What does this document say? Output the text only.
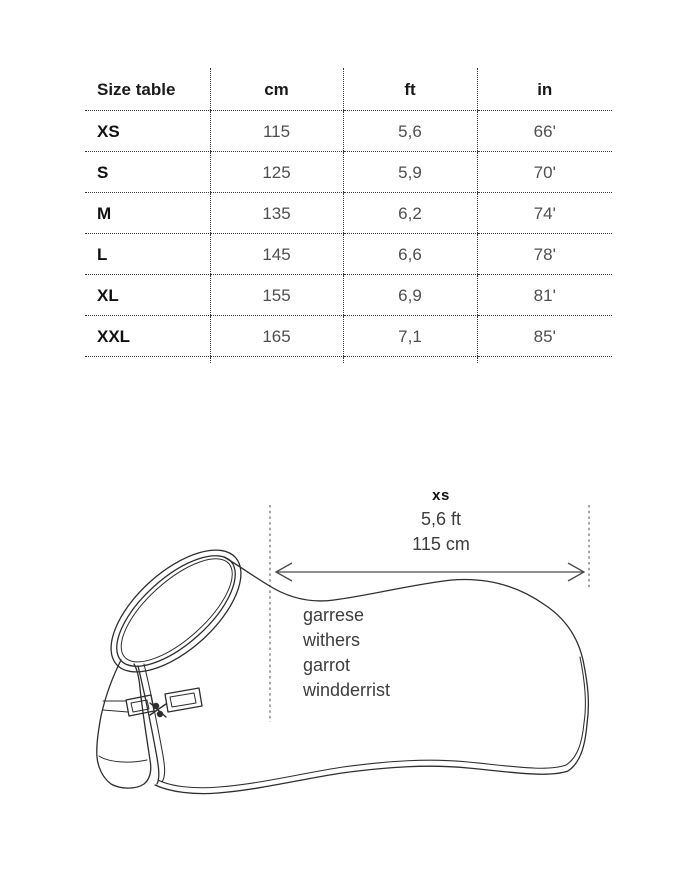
Size table	cm	ft	in
XS	115	5,6	66'
S	125	5,9	70'
M	135	6,2	74'
L	145	6,6	78'
XL	155	6,9	81'
XXL	165	7,1	85'

xs
5,6 ft
115 cm
garrese
withers
garrot
windderrist
